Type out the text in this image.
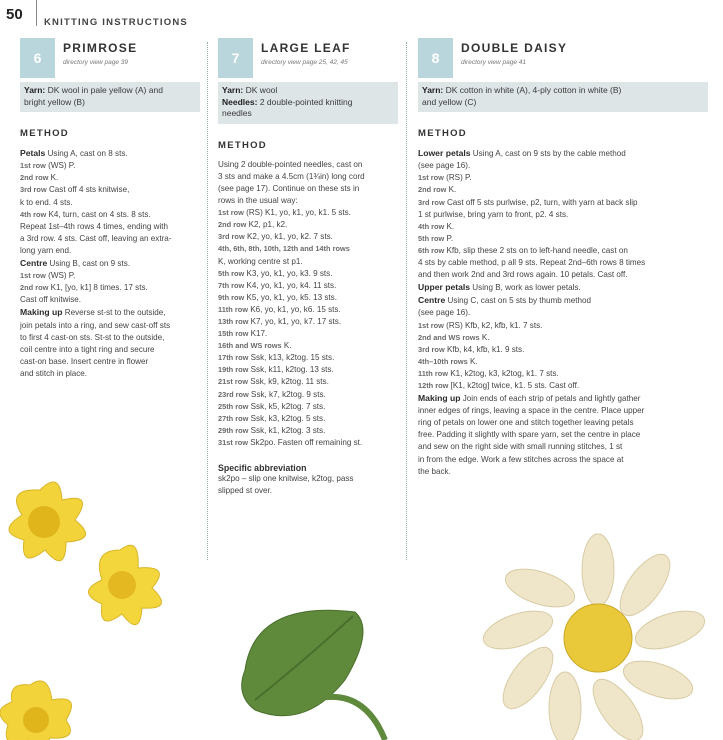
50 KNITTING INSTRUCTIONS
6
PRIMROSE
directory view page 39
Yarn: DK wool in pale yellow (A) and
bright yellow (B)
METHOD
Petals Using A, cast on 8 sts.
1st row (WS) P.
2nd row K.
3rd row Cast off 4 sts knitwise,
k to end. 4 sts.
4th row K4, turn, cast on 4 sts. 8 sts.
Repeat 1st–4th rows 4 times, ending with
a 3rd row. 4 sts. Cast off, leaving an extra-
long yarn end.
Centre Using B, cast on 9 sts.
1st row (WS) P.
2nd row K1, [yo, k1] 8 times. 17 sts.
Cast off knitwise.
Making up Reverse st-st to the outside,
join petals into a ring, and sew cast-off sts
to first 4 cast-on sts. St-st to the outside,
coil centre into a tight ring and secure
cast-on base. Insert centre in flower
and stitch in place.
7
LARGE LEAF
directory view page 25, 42, 45
Yarn: DK wool
Needles: 2 double-pointed knitting
needles
METHOD
Using 2 double-pointed needles, cast on
3 sts and make a 4.5cm (1¾in) long cord
(see page 17). Continue on these sts in
rows in the usual way:
1st row (RS) K1, yo, k1, yo, k1. 5 sts.
2nd row K2, p1, k2.
3rd row K2, yo, k1, yo, k2. 7 sts.
4th, 6th, 8th, 10th, 12th and 14th rows
K, working centre st p1.
5th row K3, yo, k1, yo, k3. 9 sts.
7th row K4, yo, k1, yo, k4. 11 sts.
9th row K5, yo, k1, yo, k5. 13 sts.
11th row K6, yo, k1, yo, k6. 15 sts.
13th row K7, yo, k1, yo, k7. 17 sts.
15th row K17.
16th and WS rows K.
17th row Ssk, k13, k2tog. 15 sts.
19th row Ssk, k11, k2tog. 13 sts.
21st row Ssk, k9, k2tog. 11 sts.
23rd row Ssk, k7, k2tog. 9 sts.
25th row Ssk, k5, k2tog. 7 sts.
27th row Ssk, k3, k2tog. 5 sts.
29th row Ssk, k1, k2tog. 3 sts.
31st row Sk2po. Fasten off remaining st.
Specific abbreviation
sk2po – slip one knitwise, k2tog, pass
slipped st over.
8
DOUBLE DAISY
directory view page 41
Yarn: DK cotton in white (A), 4-ply cotton in white (B)
and yellow (C)
METHOD
Lower petals Using A, cast on 9 sts by the cable method
(see page 16).
1st row (RS) P.
2nd row K.
3rd row Cast off 5 sts purlwise, p2, turn, with yarn at back slip
1 st purlwise, bring yarn to front, p2. 4 sts.
4th row K.
5th row P.
6th row Kfb, slip these 2 sts on to left-hand needle, cast on
4 sts by cable method, p all 9 sts. Repeat 2nd–6th rows 8 times
and then work 2nd and 3rd rows again. 10 petals. Cast off.
Upper petals Using B, work as lower petals.
Centre Using C, cast on 5 sts by thumb method
(see page 16).
1st row (RS) Kfb, k2, kfb, k1. 7 sts.
2nd and WS rows K.
3rd row Kfb, k4, kfb, k1. 9 sts.
4th–10th rows K.
11th row K1, k2tog, k3, k2tog, k1. 7 sts.
12th row [K1, k2tog] twice, k1. 5 sts. Cast off.
Making up Join ends of each strip of petals and lightly gather
inner edges of rings, leaving a space in the centre. Place upper
ring of petals on lower one and stitch together leaving petals
free. Padding it slightly with spare yarn, set the centre in place
and sew on the right side with small running stitches, 1 st
in from the edge. Work a few stitches across the space at
the back.
